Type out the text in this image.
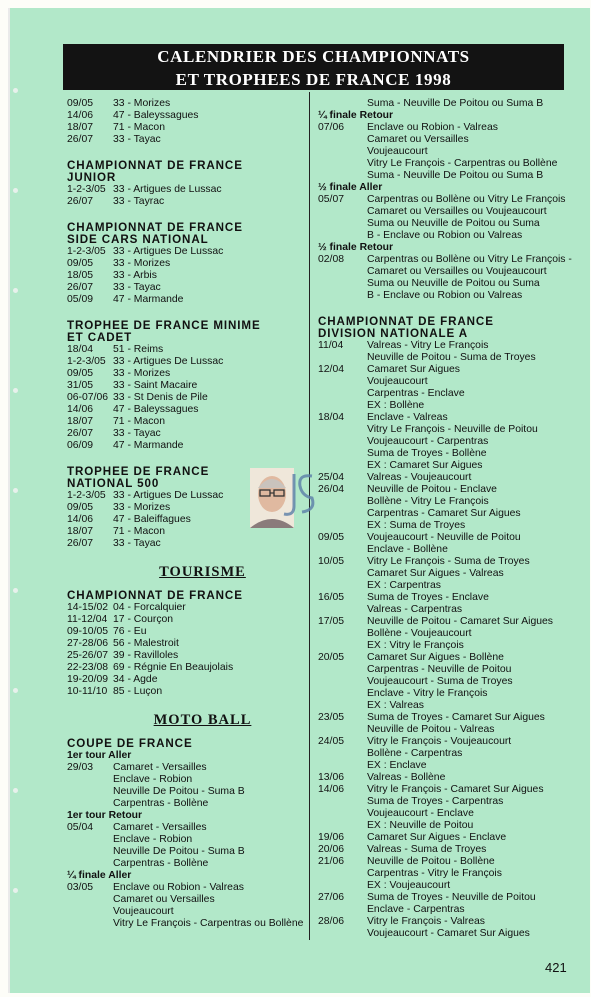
CALENDRIER DES CHAMPIONNATS
ET TROPHEES DE FRANCE 1998
09/05	33 - Morizes
14/06	47 - Baleyssagues
18/07	71 - Macon
26/07	33 - Tayac
CHAMPIONNAT DE FRANCE
JUNIOR
1-2-3/05 33 - Artigues de Lussac
26/07	33 - Tayrac
CHAMPIONNAT DE FRANCE
SIDE CARS NATIONAL
1-2-3/05 33 - Artigues De Lussac
09/05	33 - Morizes
18/05	33 - Arbis
26/07	33 - Tayac
05/09	47 - Marmande
TROPHEE DE FRANCE MINIME
ET CADET
18/04	51 - Reims
1-2-3/05 33 - Artigues De Lussac
09/05	33 - Morizes
31/05	33 - Saint Macaire
06-07/06 33 - St Denis de Pile
14/06	47 - Baleyssagues
18/07	71 - Macon
26/07	33 - Tayac
06/09	47 - Marmande
TROPHEE DE FRANCE
NATIONAL 500
1-2-3/05 33 - Artigues De Lussac
09/05	33 - Morizes
14/06	47 - Baleiffagues
18/07	71 - Macon
26/07	33 - Tayac
TOURISME
CHAMPIONNAT DE FRANCE
14-15/02 04 - Forcalquier
11-12/04 17 - Courçon
09-10/05 76 - Eu
27-28/06 56 - Malestroit
25-26/07 39 - Ravilloles
22-23/08 69 - Régnie En Beaujolais
19-20/09 34 - Agde
10-11/10 85 - Luçon
MOTO BALL
COUPE DE FRANCE
1er tour Aller
29/03	Camaret - Versailles
Enclave - Robion
Neuville De Poitou - Suma B
Carpentras - Bollène
1er tour Retour
05/04	Camaret - Versailles
Enclave - Robion
Neuville De Poitou - Suma B
Carpentras - Bollène
¼ finale Aller
03/05	Enclave ou Robion - Valreas
Camaret ou Versailles
Voujeaucourt
Vitry Le François - Carpentras ou Bollène
Suma - Neuville De Poitou ou Suma B
¼ finale Retour
07/06	Enclave ou Robion - Valreas
Camaret ou Versailles
Voujeaucourt
Vitry Le François - Carpentras ou Bollène
Suma - Neuville De Poitou ou Suma B
½ finale Aller
05/07	Carpentras ou Bollène ou Vitry Le François
Camaret ou Versailles ou Voujeaucourt
Suma ou Neuville de Poitou ou Suma
B - Enclave ou Robion ou Valreas
½ finale Retour
02/08	Carpentras ou Bollène ou Vitry Le François -
Camaret ou Versailles ou Voujeaucourt
Suma ou Neuville de Poitou ou Suma
B - Enclave ou Robion ou Valreas
CHAMPIONNAT DE FRANCE
DIVISION NATIONALE A
11/04	Valreas - Vitry Le François
Neuville de Poitou - Suma de Troyes
12/04	Camaret Sur Aigues
Voujeaucourt
Carpentras - Enclave
EX : Bollène
18/04	Enclave - Valreas
Vitry Le François - Neuville de Poitou
Voujeaucourt - Carpentras
Suma de Troyes - Bollène
EX : Camaret Sur Aigues
25/04	Valreas - Voujeaucourt
26/04	Neuville de Poitou - Enclave
Bollène - Vitry Le François
Carpentras - Camaret Sur Aigues
EX : Suma de Troyes
09/05	Voujeaucourt - Neuville de Poitou
Enclave - Bollène
10/05	Vitry Le François - Suma de Troyes
Camaret Sur Aigues - Valreas
EX : Carpentras
16/05	Suma de Troyes - Enclave
Valreas - Carpentras
17/05	Neuville de Poitou - Camaret Sur Aigues
Bollène - Voujeaucourt
EX : Vitry le François
20/05	Camaret Sur Aigues - Bollène
Carpentras - Neuville de Poitou
Voujeaucourt - Suma de Troyes
Enclave - Vitry le François
EX : Valreas
23/05	Suma de Troyes - Camaret Sur Aigues
Neuville de Poitou - Valreas
24/05	Vitry le François - Voujeaucourt
Bollène - Carpentras
EX : Enclave
13/06	Valreas - Bollène
14/06	Vitry le François - Camaret Sur Aigues
Suma de Troyes - Carpentras
Voujeaucourt - Enclave
EX : Neuville de Poitou
19/06	Camaret Sur Aigues - Enclave
20/06	Valreas - Suma de Troyes
21/06	Neuville de Poitou - Bollène
Carpentras - Vitry le François
EX : Voujeaucourt
27/06	Suma de Troyes - Neuville de Poitou
Enclave - Carpentras
28/06	Vitry le François - Valreas
Voujeaucourt - Camaret Sur Aigues
421
